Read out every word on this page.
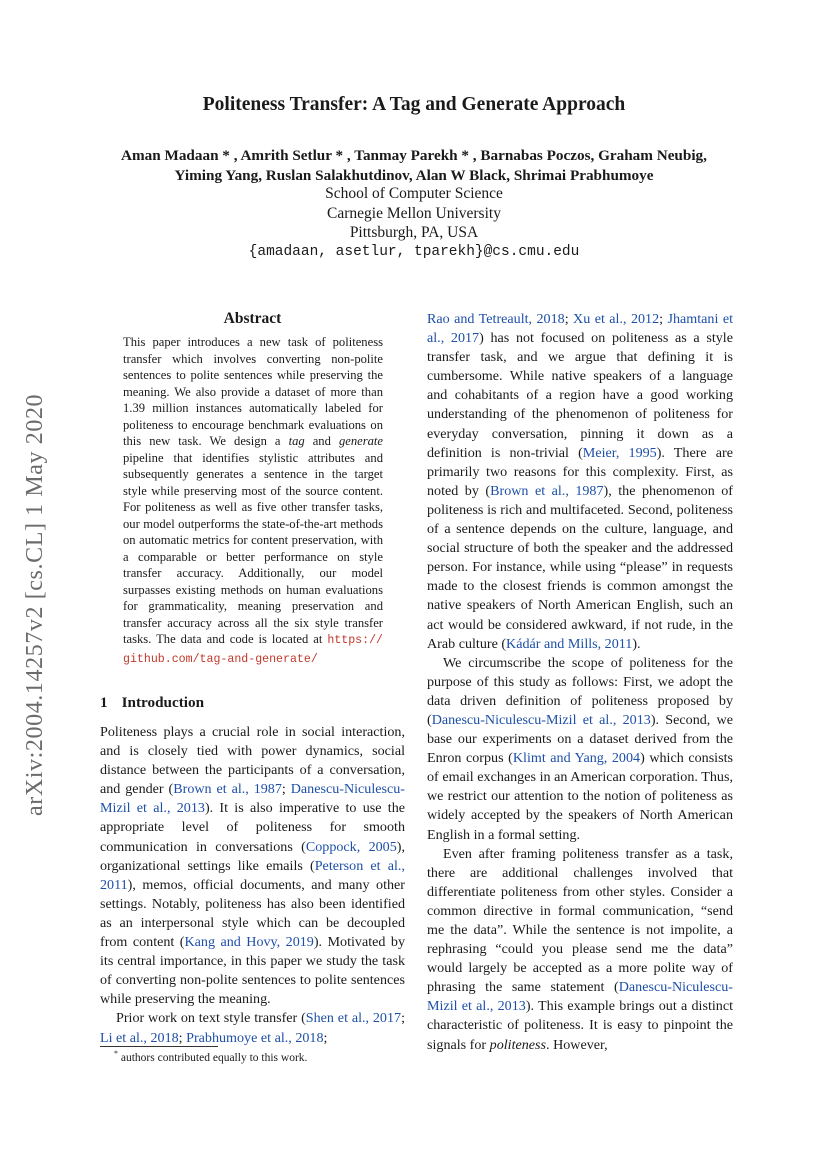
arXiv:2004.14257v2 [cs.CL] 1 May 2020
Politeness Transfer: A Tag and Generate Approach
Aman Madaan * , Amrith Setlur * , Tanmay Parekh * , Barnabas Poczos, Graham Neubig,
Yiming Yang, Ruslan Salakhutdinov, Alan W Black, Shrimai Prabhumoye
School of Computer Science
Carnegie Mellon University
Pittsburgh, PA, USA
{amadaan, asetlur, tparekh}@cs.cmu.edu
Abstract
This paper introduces a new task of politeness transfer which involves converting non-polite sentences to polite sentences while preserving the meaning. We also provide a dataset of more than 1.39 million instances automatically labeled for politeness to encourage benchmark evaluations on this new task. We design a tag and generate pipeline that identifies stylistic attributes and subsequently generates a sentence in the target style while preserving most of the source content. For politeness as well as five other transfer tasks, our model outperforms the state-of-the-art methods on automatic metrics for content preservation, with a comparable or better performance on style transfer accuracy. Additionally, our model surpasses existing methods on human evaluations for grammaticality, meaning preservation and transfer accuracy across all the six style transfer tasks. The data and code is located at https:// github.com/tag-and-generate/
1 Introduction

Politeness plays a crucial role in social interaction, and is closely tied with power dynamics, social distance between the participants of a conversation, and gender (Brown et al., 1987; Danescu-Niculescu-Mizil et al., 2013). It is also imperative to use the appropriate level of politeness for smooth communication in conversations (Coppock, 2005), organizational settings like emails (Peterson et al., 2011), memos, official documents, and many other settings. Notably, politeness has also been identified as an interpersonal style which can be decoupled from content (Kang and Hovy, 2019). Motivated by its central importance, in this paper we study the task of converting non-polite sentences to polite sentences while preserving the meaning.

Prior work on text style transfer (Shen et al., 2017; Li et al., 2018; Prabhumoye et al., 2018;

* authors contributed equally to this work.

Rao and Tetreault, 2018; Xu et al., 2012; Jhamtani et al., 2017) has not focused on politeness as a style transfer task, and we argue that defining it is cumbersome. While native speakers of a language and cohabitants of a region have a good working understanding of the phenomenon of politeness for everyday conversation, pinning it down as a definition is non-trivial (Meier, 1995). There are primarily two reasons for this complexity. First, as noted by (Brown et al., 1987), the phenomenon of politeness is rich and multifaceted. Second, politeness of a sentence depends on the culture, language, and social structure of both the speaker and the addressed person. For instance, while using “please” in requests made to the closest friends is common amongst the native speakers of North American English, such an act would be considered awkward, if not rude, in the Arab culture (Kádár and Mills, 2011).

We circumscribe the scope of politeness for the purpose of this study as follows: First, we adopt the data driven definition of politeness proposed by (Danescu-Niculescu-Mizil et al., 2013). Second, we base our experiments on a dataset derived from the Enron corpus (Klimt and Yang, 2004) which consists of email exchanges in an American corporation. Thus, we restrict our attention to the notion of politeness as widely accepted by the speakers of North American English in a formal setting.

Even after framing politeness transfer as a task, there are additional challenges involved that differentiate politeness from other styles. Consider a common directive in formal communication, “send me the data”. While the sentence is not impolite, a rephrasing “could you please send me the data” would largely be accepted as a more polite way of phrasing the same statement (Danescu-Niculescu-Mizil et al., 2013). This example brings out a distinct characteristic of politeness. It is easy to pinpoint the signals for politeness. However,
